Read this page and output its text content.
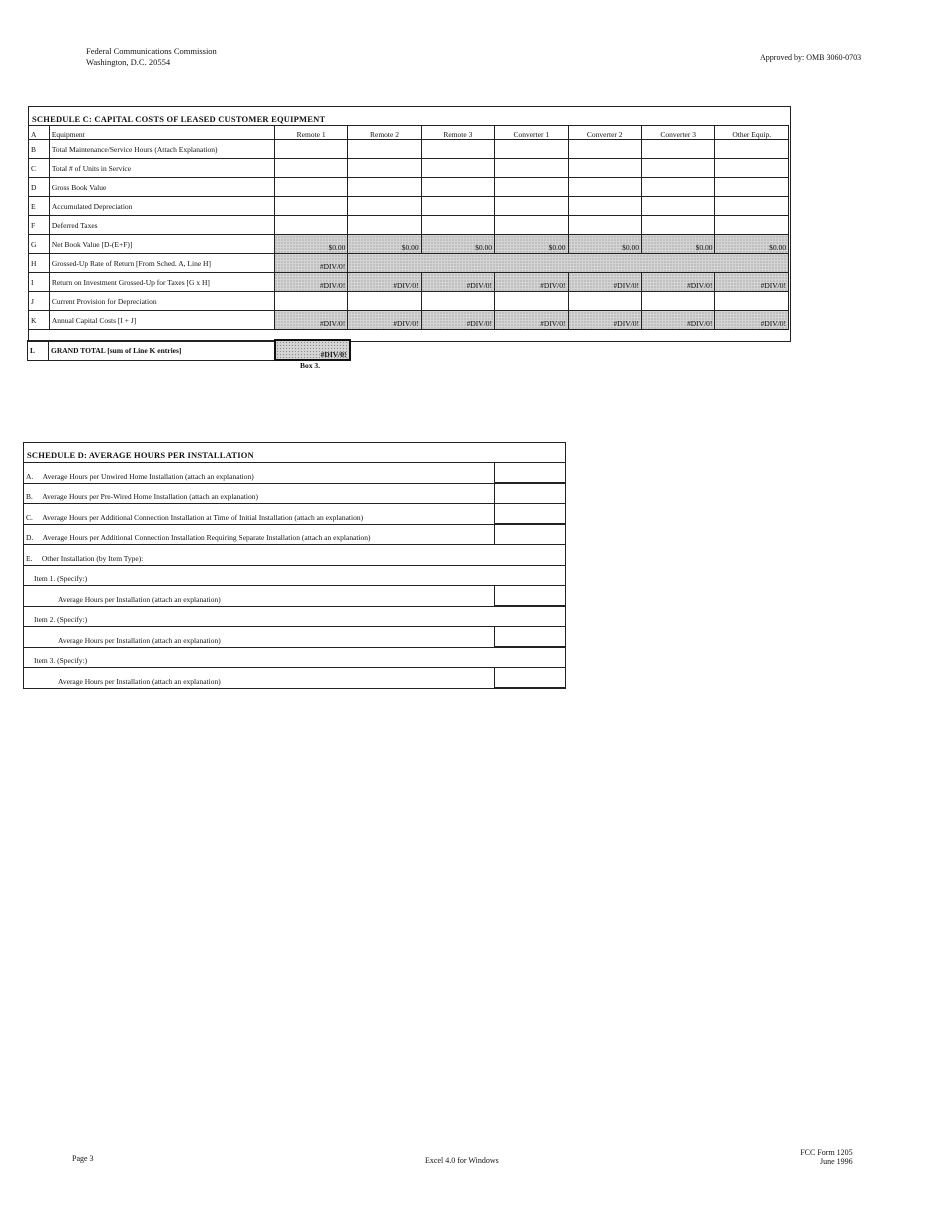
Federal Communications Commission
Washington, D.C. 20554	Approved by: OMB 3060-0703
SCHEDULE C: CAPITAL COSTS OF LEASED CUSTOMER EQUIPMENT
A	Equipment	Remote 1	Remote 2	Remote 3	Converter 1	Converter 2	Converter 3	Other Equip.
B	Total Maintenance/Service Hours (Attach Explanation)							
C	Total # of Units in Service							
D	Gross Book Value							
E	Accumulated Depreciation							
F	Deferred Taxes							
G	Net Book Value [D-(E+F)]	$0.00	$0.00	$0.00	$0.00	$0.00	$0.00	$0.00
H	Grossed-Up Rate of Return [From Sched. A, Line H]	#DIV/0!						
I	Return on Investment Grossed-Up for Taxes [G x H]	#DIV/0!	#DIV/0!	#DIV/0!	#DIV/0!	#DIV/0!	#DIV/0!	#DIV/0!
J	Current Provision for Depreciation							
K	Annual Capital Costs [I + J]	#DIV/0!	#DIV/0!	#DIV/0!	#DIV/0!	#DIV/0!	#DIV/0!	#DIV/0!
L	GRAND TOTAL [sum of Line K entries]	#DIV/0!
Box 3.
SCHEDULE D: AVERAGE HOURS PER INSTALLATION
A. Average Hours per Unwired Home Installation (attach an explanation)
B. Average Hours per Pre-Wired Home Installation (attach an explanation)
C. Average Hours per Additional Connection Installation at Time of Initial Installation (attach an explanation)
D. Average Hours per Additional Connection Installation Requiring Separate Installation (attach an explanation)
E. Other Installation (by Item Type):
Item 1. (Specify:)
Average Hours per Installation (attach an explanation)
Item 2. (Specify:)
Average Hours per Installation (attach an explanation)
Item 3. (Specify:)
Average Hours per Installation (attach an explanation)
Page 3	Excel 4.0 for Windows
FCC Form 1205
June 1996
